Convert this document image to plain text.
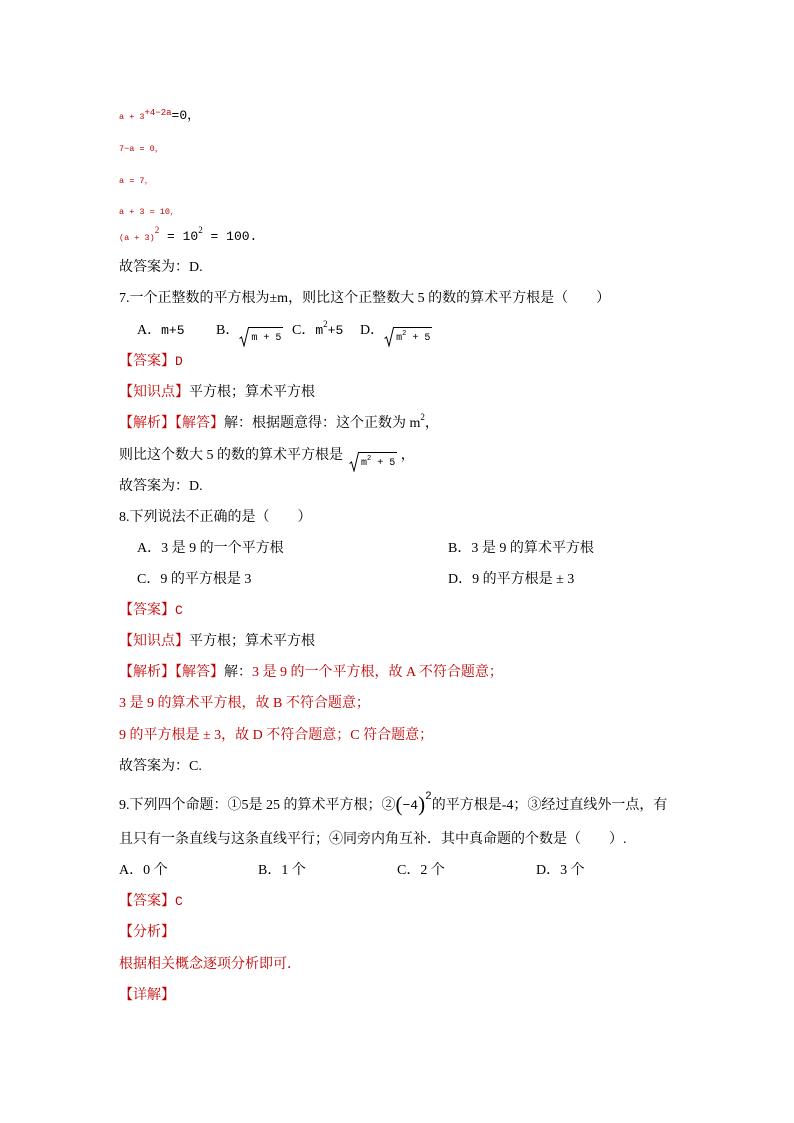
$a + 3^{+4-2a}=0$，
7−a = 0，
a = 7，
a + 3 = 10，
$(a + 3)^2 = 10^2 = 100$.
故答案为：D.
7.一个正整数的平方根为±m，则比这个正整数大 5 的数的算术平方根是（　　）
A．m+5 B．
m + 5
C．$m^2+5$ D．
$m^2 + 5$
【答案】D
【知识点】平方根；算术平方根
【解析】【解答】解：根据题意得：这个正数为 $m^2$，
则比这个数大 5 的数的算术平方根是
$m^2 + 5$ ，
故答案为：D.
8.下列说法不正确的是（　　）
A．3 是 9 的一个平方根	B．3 是 9 的算术平方根
C．9 的平方根是 3	D．9 的平方根是 ± 3
【答案】C
【知识点】平方根；算术平方根
【解析】【解答】解：3 是 9 的一个平方根，故 A 不符合题意；
3 是 9 的算术平方根，故 B 不符合题意；
9 的平方根是 ± 3，故 D 不符合题意；C 符合题意；
故答案为：C.
9.下列四个命题：①5是 25 的算术平方根；$②(-4)^2$的平方根是-4；③经过直线外一点，有
且只有一条直线与这条直线平行；④同旁内角互补．其中真命题的个数是（　　）.
A．0 个	B．1 个	C．2 个	D．3 个
【答案】C
【分析】
根据相关概念逐项分析即可．
【详解】
